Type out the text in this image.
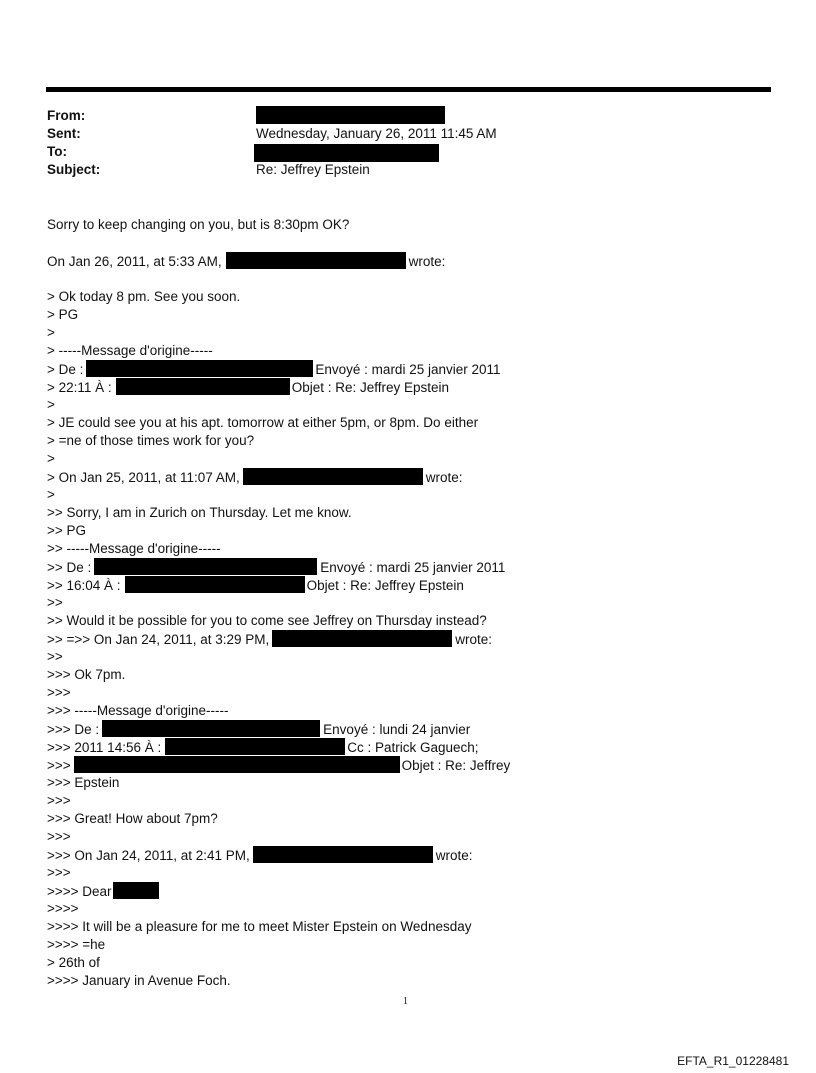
From:
Sent:	Wednesday, January 26, 2011 11:45 AM
To:
Subject:	Re: Jeffrey Epstein
Sorry to keep changing on you, but is 8:30pm OK?
On Jan 26, 2011, at 5:33 AM,	wrote:
> Ok today 8 pm. See you soon.
> PG
>
> -----Message d'origine-----
> De :	Envoyé : mardi 25 janvier 2011
> 22:11 À :	Objet : Re: Jeffrey Epstein
>
> JE could see you at his apt. tomorrow at either 5pm, or 8pm. Do either
> =ne of those times work for you?
>
> On Jan 25, 2011, at 11:07 AM,	wrote:
>
>> Sorry, I am in Zurich on Thursday. Let me know.
>> PG
>> -----Message d'origine-----
>> De :	Envoyé : mardi 25 janvier 2011
>> 16:04 À :	Objet : Re: Jeffrey Epstein
>>
>> Would it be possible for you to come see Jeffrey on Thursday instead?
>> =>> On Jan 24, 2011, at 3:29 PM,	wrote:
>>
>>> Ok 7pm.
>>>
>>> -----Message d'origine-----
>>> De :	Envoyé : lundi 24 janvier
>>> 2011 14:56 À :	Cc : Patrick Gaguech;
>>>	Objet : Re: Jeffrey
>>> Epstein
>>>
>>> Great! How about 7pm?
>>>
>>> On Jan 24, 2011, at 2:41 PM,	wrote:
>>>
>>>> Dear
>>>>
>>>> It will be a pleasure for me to meet Mister Epstein on Wednesday
>>>> =he
> 26th of
>>>> January in Avenue Foch.
1
EFTA_R1_01228481
